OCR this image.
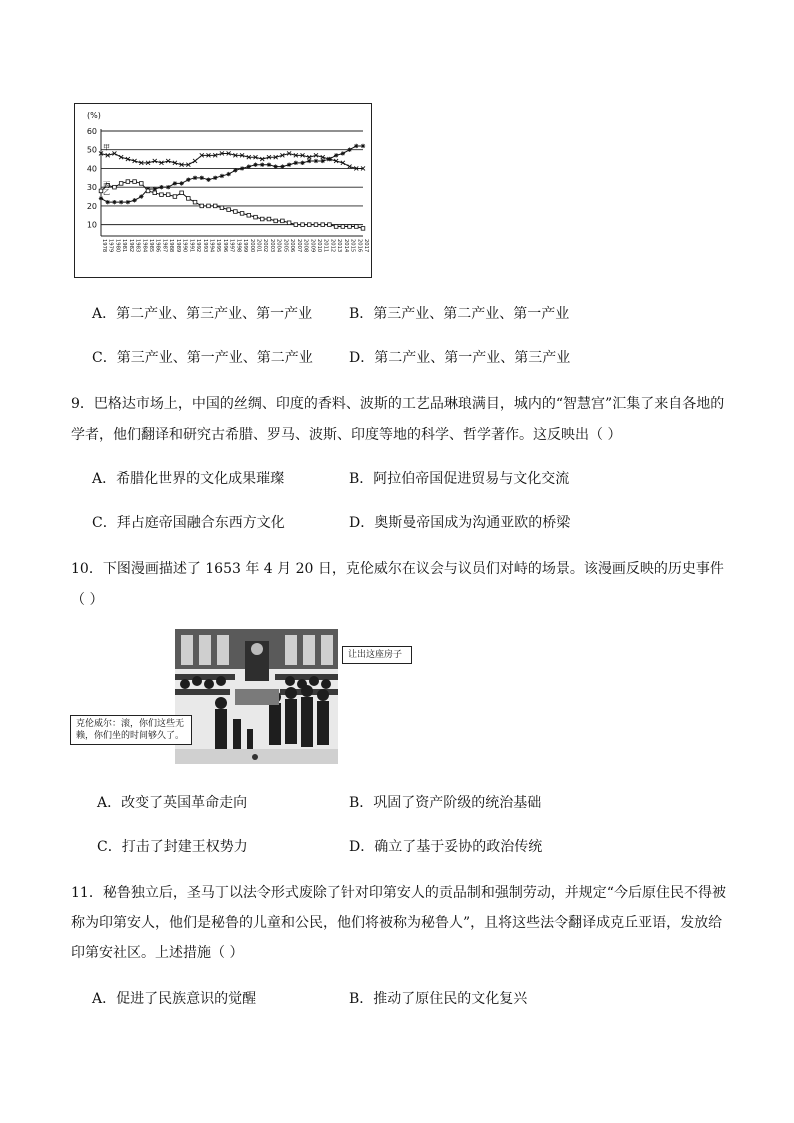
(%)
10
20
30
40
50
60
1978 1979 1980 1981 1982 1983 1984 1985 1986 1987 1988 1989 1990 1991 1992 1993 1994 1995 1996 1997 1998 1999 2000 2001 2002 2003 2004 2005 2006 2007 2008 2009 2010 2011 2012 2013 2014 2015 2016 2017
甲
乙
丙
A．第二产业、第三产业、第一产业	B．第三产业、第二产业、第一产业
C．第三产业、第一产业、第二产业	D．第二产业、第一产业、第三产业
9．巴格达市场上，中国的丝绸、印度的香料、波斯的工艺品琳琅满目，城内的“智慧宫”汇集了来自各地的
学者，他们翻译和研究古希腊、罗马、波斯、印度等地的科学、哲学著作。这反映出（ ）
A．希腊化世界的文化成果璀璨	B．阿拉伯帝国促进贸易与文化交流
C．拜占庭帝国融合东西方文化	D．奥斯曼帝国成为沟通亚欧的桥梁
10．下图漫画描述了 1653 年 4 月 20 日，克伦威尔在议会与议员们对峙的场景。该漫画反映的历史事件
（ ）
让出这座房子
克伦威尔：滚，你们这些无
赖，你们坐的时间够久了。
A．改变了英国革命走向	B．巩固了资产阶级的统治基础
C．打击了封建王权势力	D．确立了基于妥协的政治传统
11．秘鲁独立后，圣马丁以法令形式废除了针对印第安人的贡品制和强制劳动，并规定“今后原住民不得被
称为印第安人，他们是秘鲁的儿童和公民，他们将被称为秘鲁人”，且将这些法令翻译成克丘亚语，发放给
印第安社区。上述措施（ ）
A．促进了民族意识的觉醒	B．推动了原住民的文化复兴
